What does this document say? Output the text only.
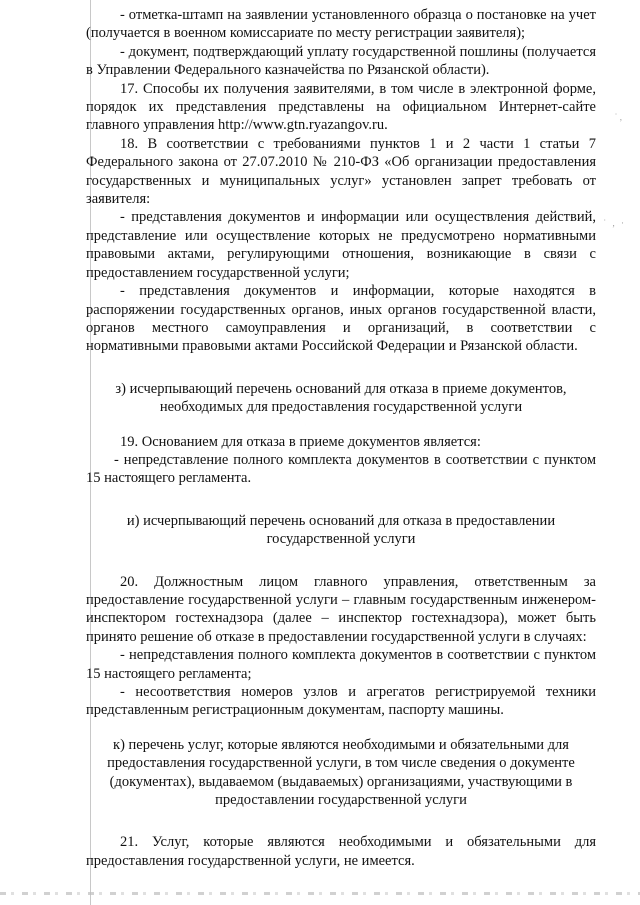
- отметка-штамп на заявлении установленного образца о постановке на учет (получается в военном комиссариате по месту регистрации заявителя);

- документ, подтверждающий уплату государственной пошлины (получается в Управлении Федерального казначейства по Рязанской области).

17. Способы их получения заявителями, в том числе в электронной форме, порядок их представления представлены на официальном Интернет-сайте главного управления http://www.gtn.ryazangov.ru.

18. В соответствии с требованиями пунктов 1 и 2 части 1 статьи 7 Федерального закона от 27.07.2010 № 210-ФЗ «Об организации предоставления государственных и муниципальных услуг» установлен запрет требовать от заявителя:

- представления документов и информации или осуществления действий, представление или осуществление которых не предусмотрено нормативными правовыми актами, регулирующими отношения, возникающие в связи с предоставлением государственной услуги;

- представления документов и информации, которые находятся в распоряжении государственных органов, иных органов государственной власти, органов местного самоуправления и организаций, в соответствии с нормативными правовыми актами Российской Федерации и Рязанской области.

з) исчерпывающий перечень оснований для отказа в приеме документов, необходимых для предоставления государственной услуги

19. Основанием для отказа в приеме документов является:

- непредставление полного комплекта документов в соответствии с пунктом 15 настоящего регламента.

и) исчерпывающий перечень оснований для отказа в предоставлении государственной услуги

20. Должностным лицом главного управления, ответственным за предоставление государственной услуги – главным государственным инженером-инспектором гостехнадзора (далее – инспектор гостехнадзора), может быть принято решение об отказе в предоставлении государственной услуги в случаях:

- непредставления полного комплекта документов в соответствии с пунктом 15 настоящего регламента;

- несоответствия номеров узлов и агрегатов регистрируемой техники представленным регистрационным документам, паспорту машины.

к) перечень услуг, которые являются необходимыми и обязательными для предоставления государственной услуги, в том числе сведения о документе (документах), выдаваемом (выдаваемых) организациями, участвующими в предоставлении государственной услуги

21. Услуг, которые являются необходимыми и обязательными для предоставления государственной услуги, не имеется.

˙ ,
˙ , ·
